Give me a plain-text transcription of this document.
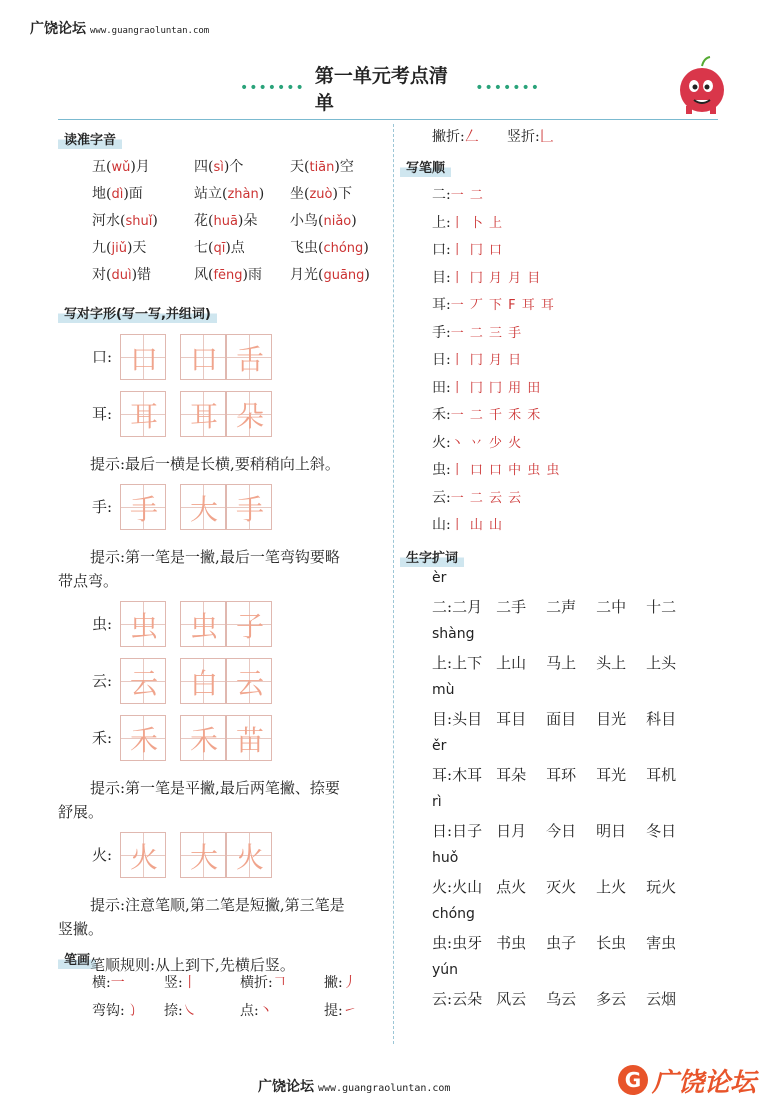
广饶论坛 www.guangraoluntan.com
•••••••
第一单元考点清单
•••••••
读准字音
写对字形(写一写,并组词)
笔画
写笔顺
生字扩词
广饶论坛 www.guangraoluntan.com	G 广饶论坛
五(wǔ)月	四(sì)个	天(tiān)空
地(dì)面	站立(zhàn) 坐(zuò)下
河水(shuǐ)	花(huā)朵 小鸟(niǎo)
九(jiǔ)天	七(qī)点	飞虫(chóng)
对(duì)错	风(fēng)雨 月光(guāng)
口: 口	口 舌
耳: 耳	耳 朵
提示:最后一横是长横,要稍稍向上斜。
手: 手	大 手
提示:第一笔是一撇,最后一笔弯钩要略带点弯。
虫: 虫	虫 子
云: 云	白 云
禾: 禾	禾 苗
提示:第一笔是平撇,最后两笔撇、捺要舒展。
火: 火	大 火
提示:注意笔顺,第二笔是短撇,第三笔是竖撇。
笔顺规则:从上到下,先横后竖。
横:一	竖:丨	横折:𠃍	撇:丿
弯钩:㇁ 捺:㇏	点:丶	提:㇀
撇折:𠃋 竖折:𠃊
二:一 二
上:丨 卜 上
口:丨 冂 口
目:丨 冂 月 月 目
耳:一 丆 下 F 耳 耳
手:一 二 三 手
日:丨 冂 月 日
田:丨 冂 冂 用 田
禾:一 二 千 禾 禾
火:丶 丷 少 火
虫:丨 口 口 中 虫 虫
云:一 二 云 云
山:丨 山 山
èr
二:二月 二手 二声 二中 十二
shàng
上:上下 上山 马上 头上 上头
mù
目:头目 耳目 面目 目光 科目
ěr
耳:木耳 耳朵 耳环 耳光 耳机
rì
日:日子 日月 今日 明日 冬日
huǒ
火:火山 点火 灭火 上火 玩火
chóng
虫:虫牙 书虫 虫子 长虫 害虫
yún
云:云朵 风云 乌云 多云 云烟
